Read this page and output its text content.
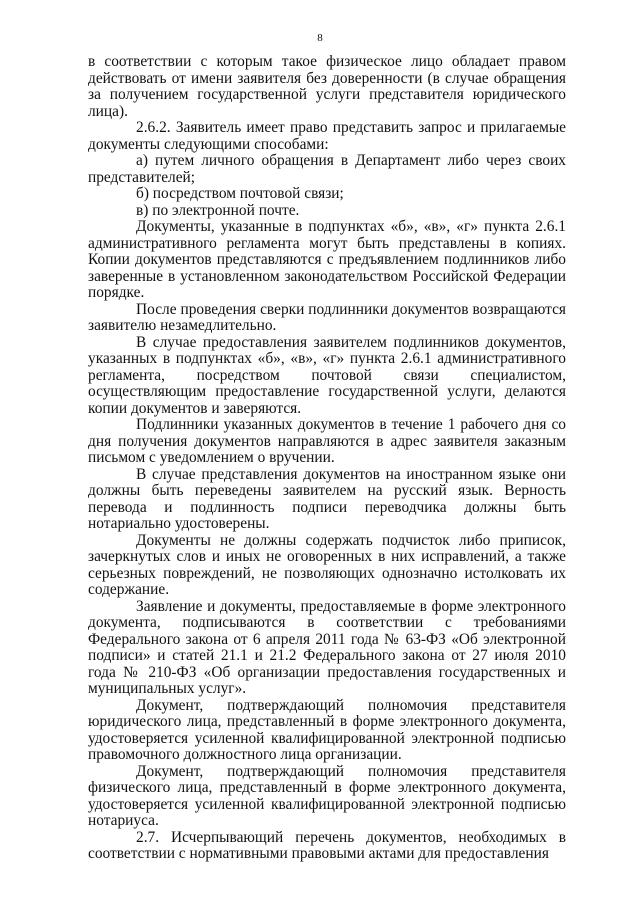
8

в соответствии с которым такое физическое лицо обладает правом действовать от имени заявителя без доверенности (в случае обращения за получением государственной услуги представителя юридического лица).

2.6.2. Заявитель имеет право представить запрос и прилагаемые документы следующими способами:

а) путем личного обращения в Департамент либо через своих представителей;

б) посредством почтовой связи;

в) по электронной почте.

Документы, указанные в подпунктах «б», «в», «г» пункта 2.6.1 административного регламента могут быть представлены в копиях. Копии документов представляются с предъявлением подлинников либо заверенные в установленном законодательством Российской Федерации порядке.

После проведения сверки подлинники документов возвращаются заявителю незамедлительно.

В случае предоставления заявителем подлинников документов, указанных в подпунктах «б», «в», «г» пункта 2.6.1 административного регламента, посредством почтовой связи специалистом, осуществляющим предоставление государственной услуги, делаются копии документов и заверяются.

Подлинники указанных документов в течение 1 рабочего дня со дня получения документов направляются в адрес заявителя заказным письмом с уведомлением о вручении.

В случае представления документов на иностранном языке они должны быть переведены заявителем на русский язык. Верность перевода и подлинность подписи переводчика должны быть нотариально удостоверены.

Документы не должны содержать подчисток либо приписок, зачеркнутых слов и иных не оговоренных в них исправлений, а также серьезных повреждений, не позволяющих однозначно истолковать их содержание.

Заявление и документы, предоставляемые в форме электронного документа, подписываются в соответствии с требованиями Федерального закона от 6 апреля 2011 года № 63-ФЗ «Об электронной подписи» и статей 21.1 и 21.2 Федерального закона от 27 июля 2010 года № 210-ФЗ «Об организации предоставления государственных и муниципальных услуг».

Документ, подтверждающий полномочия представителя юридического лица, представленный в форме электронного документа, удостоверяется усиленной квалифицированной электронной подписью правомочного должностного лица организации.

Документ, подтверждающий полномочия представителя физического лица, представленный в форме электронного документа, удостоверяется усиленной квалифицированной электронной подписью нотариуса.

2.7. Исчерпывающий перечень документов, необходимых в соответствии с нормативными правовыми актами для предоставления
